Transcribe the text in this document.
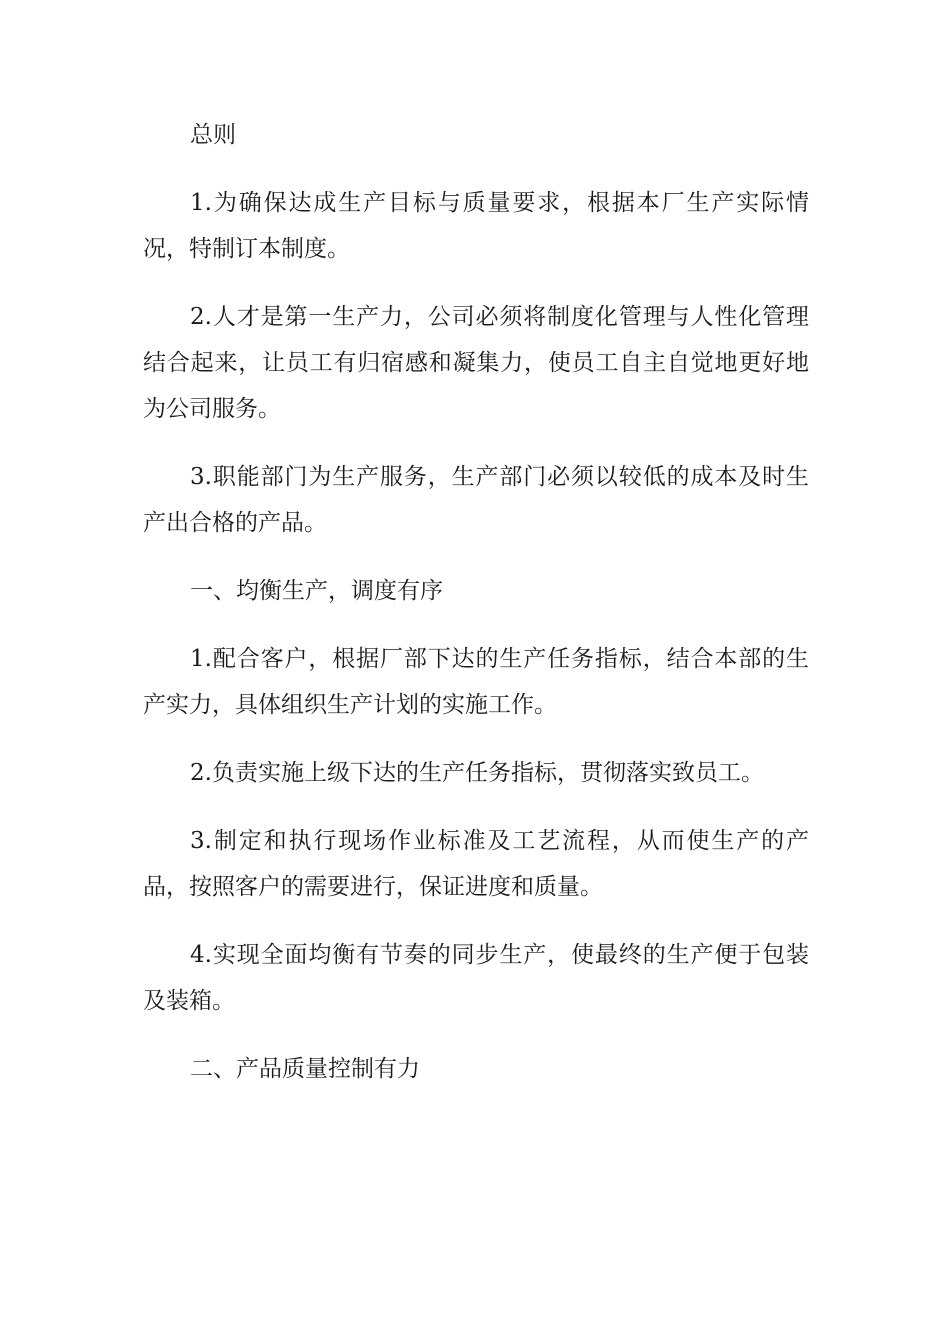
总则

1.为确保达成生产目标与质量要求，根据本厂生产实际情况，特制订本制度。

2.人才是第一生产力，公司必须将制度化管理与人性化管理结合起来，让员工有归宿感和凝集力，使员工自主自觉地更好地为公司服务。

3.职能部门为生产服务，生产部门必须以较低的成本及时生产出合格的产品。

一、均衡生产，调度有序

1.配合客户，根据厂部下达的生产任务指标，结合本部的生产实力，具体组织生产计划的实施工作。

2.负责实施上级下达的生产任务指标，贯彻落实致员工。

3.制定和执行现场作业标准及工艺流程，从而使生产的产品，按照客户的需要进行，保证进度和质量。

4.实现全面均衡有节奏的同步生产，使最终的生产便于包装及装箱。

二、产品质量控制有力
